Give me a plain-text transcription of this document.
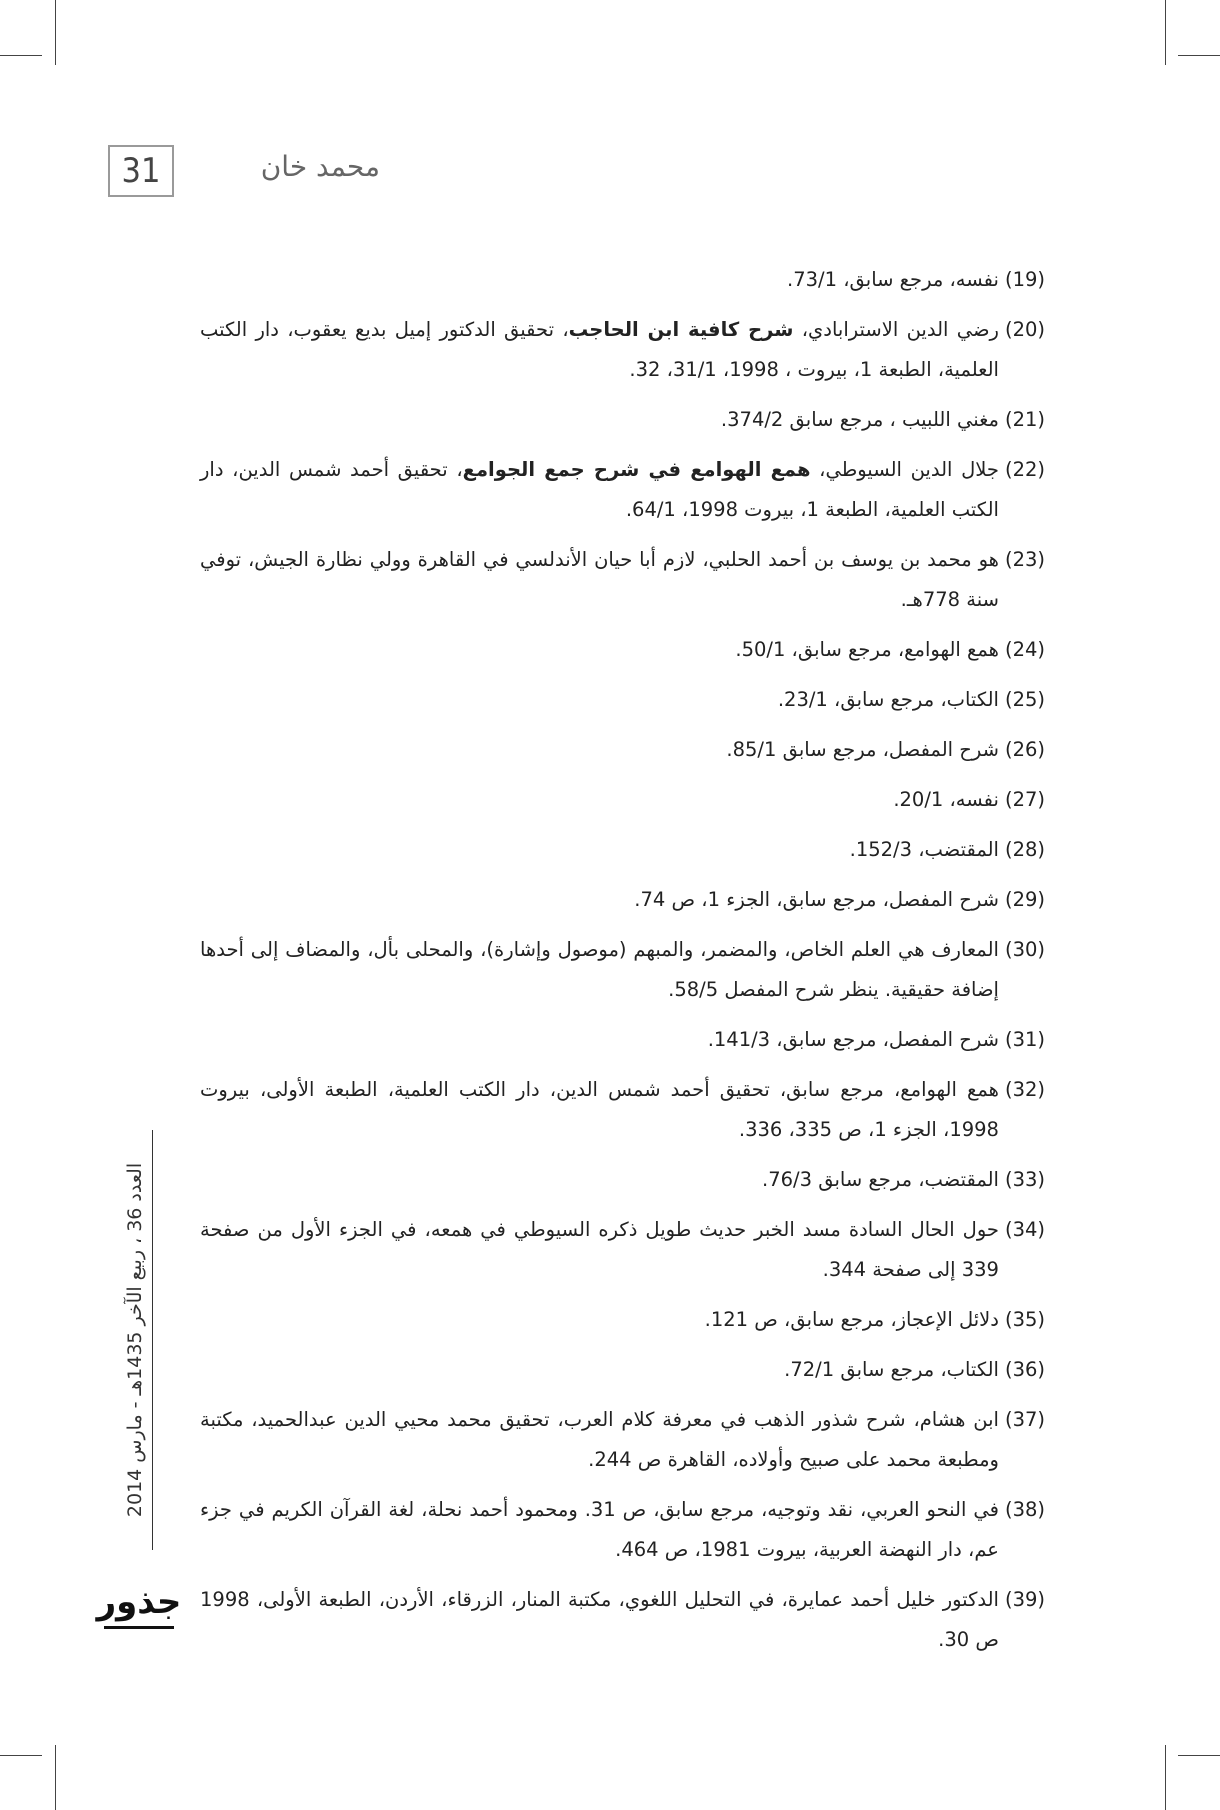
31	محمد خان
(19)
نفسه، مرجع سابق، 73/1.
(20)
رضي الدين الاسترابادي، شرح كافية ابن الحاجب، تحقيق الدكتور إميل بديع يعقوب، دار الكتب العلمية، الطبعة 1، بيروت ، 1998، 31/1، 32.
(21)
مغني اللبيب ، مرجع سابق 374/2.
(22)
جلال الدين السيوطي، همع الهوامع في شرح جمع الجوامع، تحقيق أحمد شمس الدين، دار الكتب العلمية، الطبعة 1، بيروت 1998، 64/1.
(23)
هو محمد بن يوسف بن أحمد الحلبي، لازم أبا حيان الأندلسي في القاهرة وولي نظارة الجيش، توفي سنة 778هـ.
(24)
همع الهوامع، مرجع سابق، 50/1.
(25)
الكتاب، مرجع سابق، 23/1.
(26)
شرح المفصل، مرجع سابق 85/1.
(27)
نفسه، 20/1.
(28)
المقتضب، 152/3.
(29)
شرح المفصل، مرجع سابق، الجزء 1، ص 74.
(30)
المعارف هي العلم الخاص، والمضمر، والمبهم (موصول وإشارة)، والمحلى بأل، والمضاف إلى أحدها إضافة حقيقية. ينظر شرح المفصل 58/5.
(31)
شرح المفصل، مرجع سابق، 141/3.
(32)
همع الهوامع، مرجع سابق، تحقيق أحمد شمس الدين، دار الكتب العلمية، الطبعة الأولى، بيروت 1998، الجزء 1، ص 335، 336.
(33)
المقتضب، مرجع سابق 76/3.
(34)
حول الحال السادة مسد الخبر حديث طويل ذكره السيوطي في همعه، في الجزء الأول من صفحة 339 إلى صفحة 344.
(35)
دلائل الإعجاز، مرجع سابق، ص 121.
(36)
الكتاب، مرجع سابق 72/1.
(37)
ابن هشام، شرح شذور الذهب في معرفة كلام العرب، تحقيق محمد محيي الدين عبدالحميد، مكتبة ومطبعة محمد على صبيح وأولاده، القاهرة ص 244.
(38)
في النحو العربي، نقد وتوجيه، مرجع سابق، ص 31. ومحمود أحمد نحلة، لغة القرآن الكريم في جزء عم، دار النهضة العربية، بيروت 1981، ص 464.
(39)
الدكتور خليل أحمد عمايرة، في التحليل اللغوي، مكتبة المنار، الزرقاء، الأردن، الطبعة الأولى، 1998 ص 30.
العدد 36 ، ربيع الآخر 1435هـ - مارس 2014
جذور
